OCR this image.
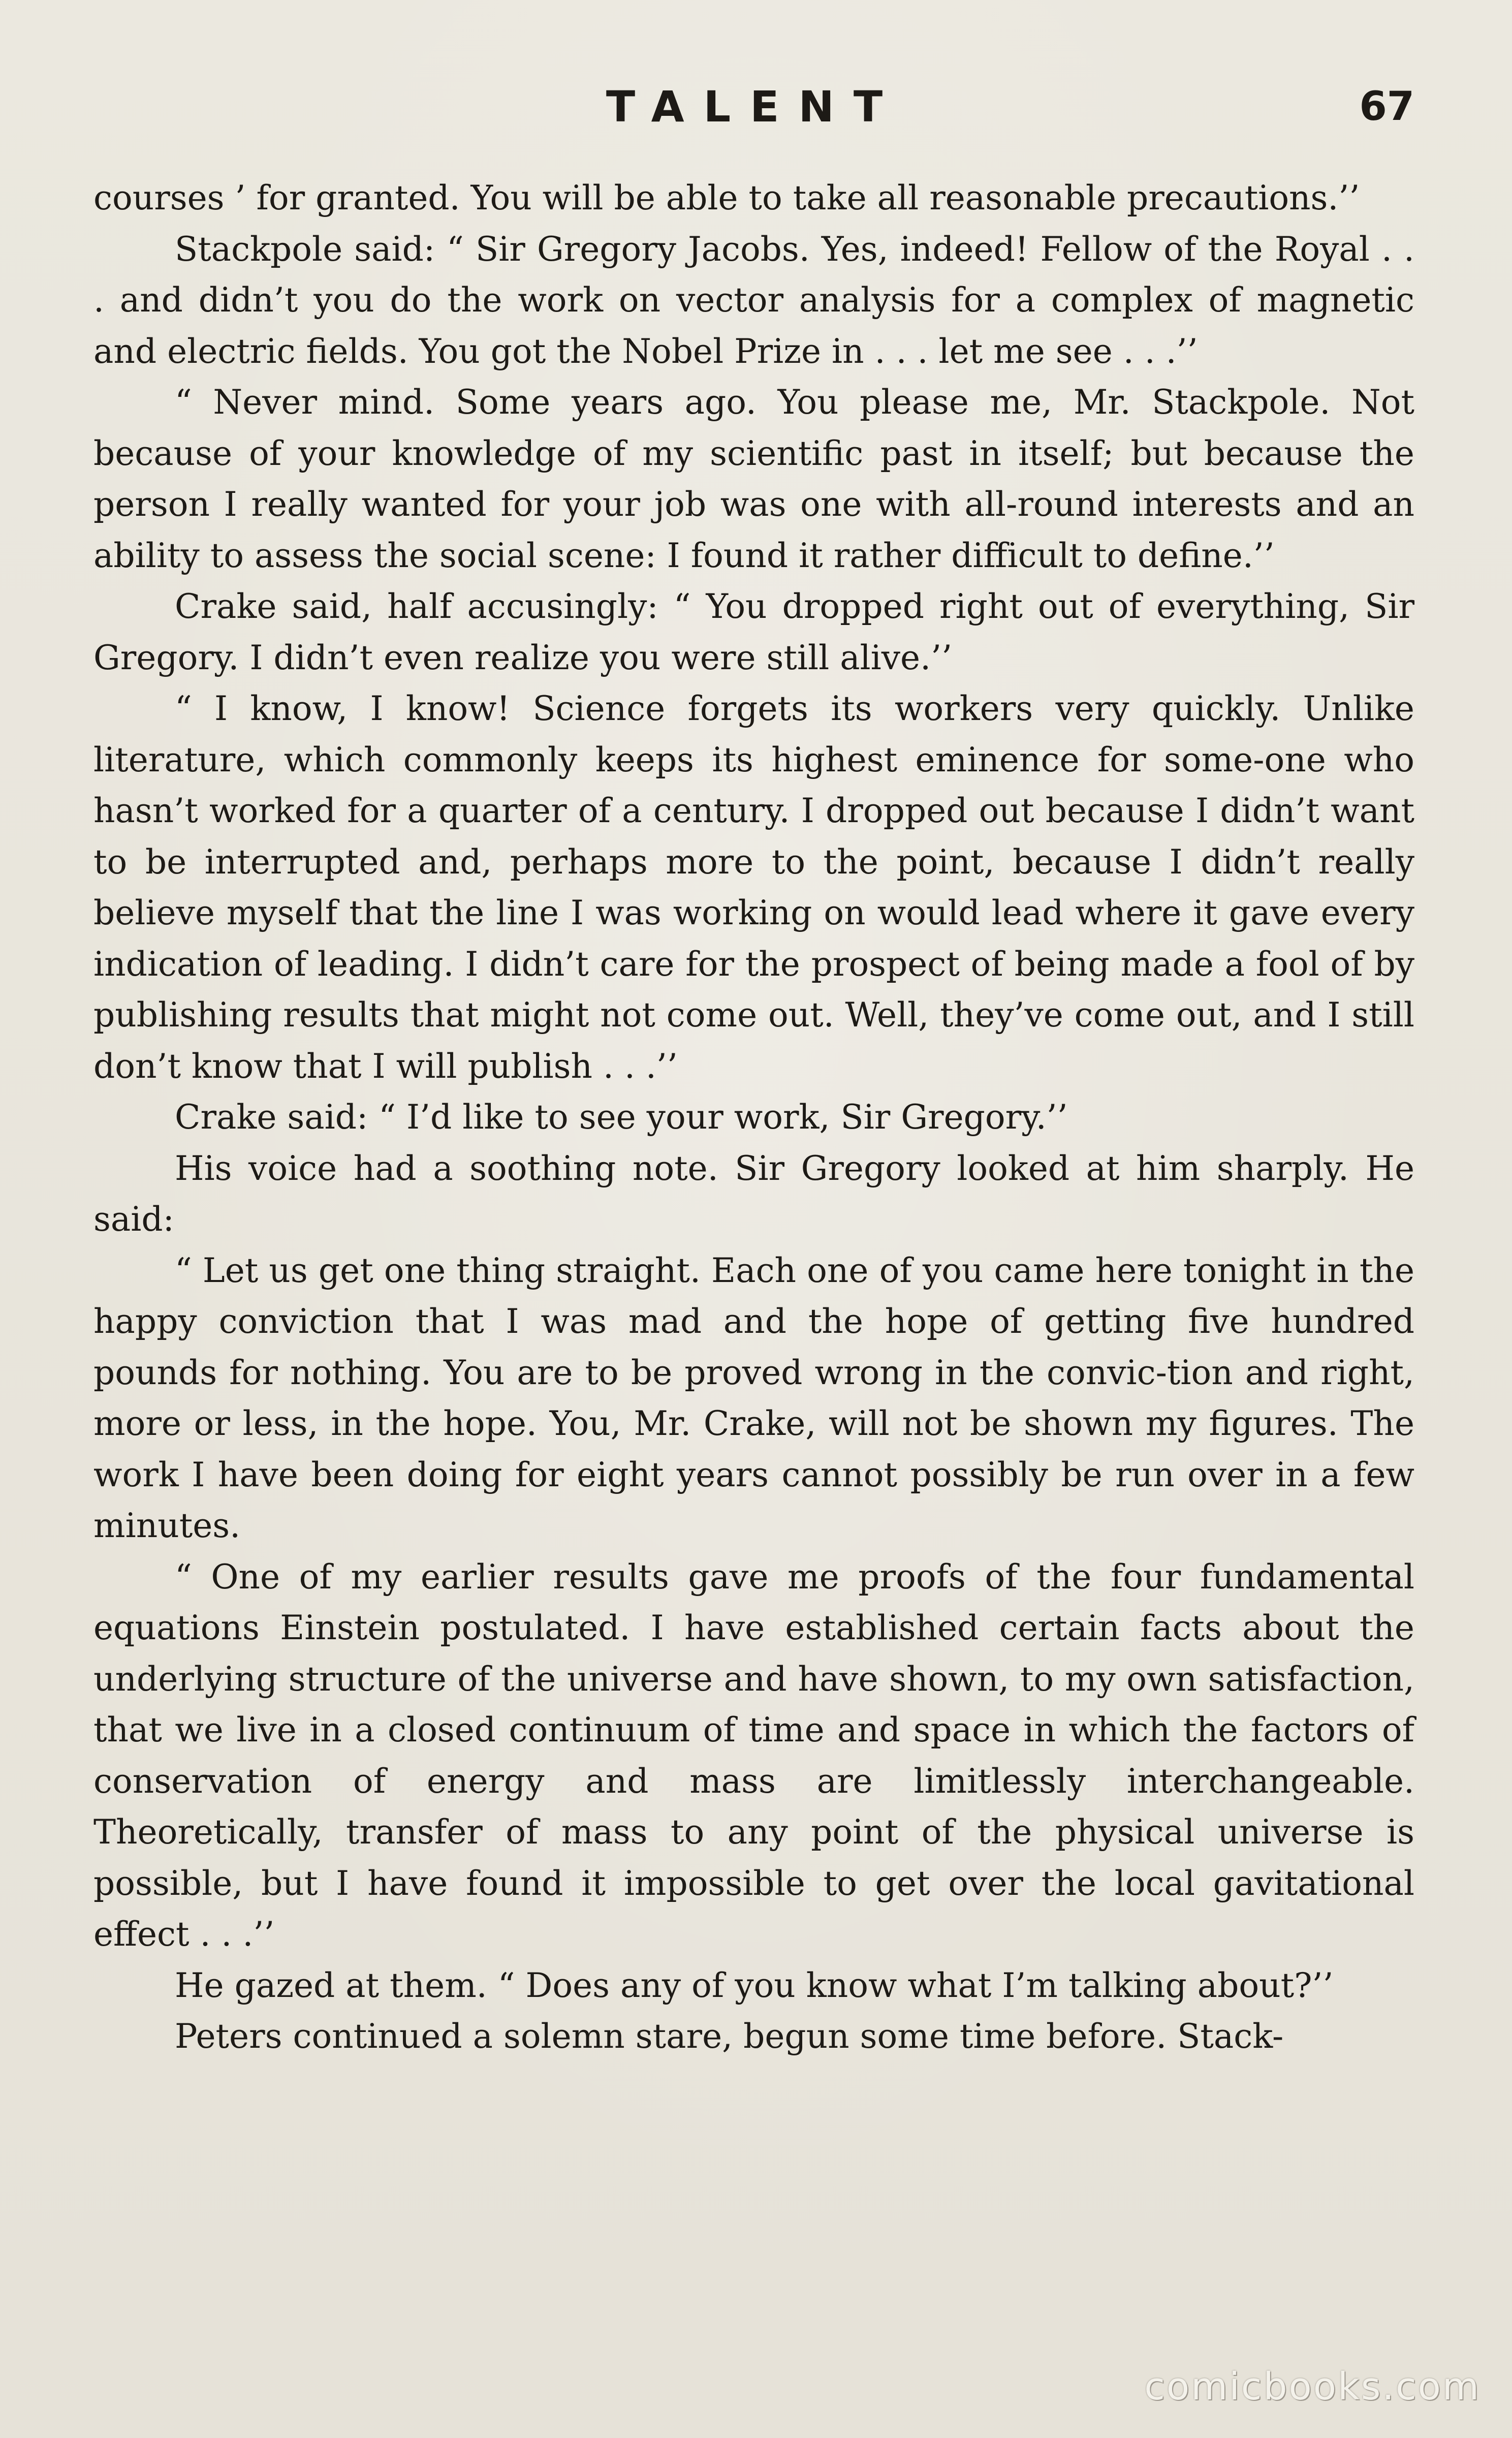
TALENT	67

courses ’ for granted. You will be able to take all reasonable precautions.’’

Stackpole said: “ Sir Gregory Jacobs. Yes, indeed! Fellow of the Royal . . . and didn’t you do the work on vector analysis for a complex of magnetic and electric fields. You got the Nobel Prize in . . . let me see . . .’’

“ Never mind. Some years ago. You please me, Mr. Stackpole. Not because of your knowledge of my scientific past in itself; but because the person I really wanted for your job was one with all-round interests and an ability to assess the social scene: I found it rather difficult to define.’’

Crake said, half accusingly: “ You dropped right out of everything, Sir Gregory. I didn’t even realize you were still alive.’’

“ I know, I know! Science forgets its workers very quickly. Unlike literature, which commonly keeps its highest eminence for some-one who hasn’t worked for a quarter of a century. I dropped out because I didn’t want to be interrupted and, perhaps more to the point, because I didn’t really believe myself that the line I was working on would lead where it gave every indication of leading. I didn’t care for the prospect of being made a fool of by publishing results that might not come out. Well, they’ve come out, and I still don’t know that I will publish . . .’’

Crake said: “ I’d like to see your work, Sir Gregory.’’

His voice had a soothing note. Sir Gregory looked at him sharply. He said:

“ Let us get one thing straight. Each one of you came here tonight in the happy conviction that I was mad and the hope of getting five hundred pounds for nothing. You are to be proved wrong in the convic-tion and right, more or less, in the hope. You, Mr. Crake, will not be shown my figures. The work I have been doing for eight years cannot possibly be run over in a few minutes.

“ One of my earlier results gave me proofs of the four fundamental equations Einstein postulated. I have established certain facts about the underlying structure of the universe and have shown, to my own satisfaction, that we live in a closed continuum of time and space in which the factors of conservation of energy and mass are limitlessly interchangeable. Theoretically, transfer of mass to any point of the physical universe is possible, but I have found it impossible to get over the local gavitational effect . . .’’

He gazed at them. “ Does any of you know what I’m talking about?’’

Peters continued a solemn stare, begun some time before. Stack-

comicbooks.com
